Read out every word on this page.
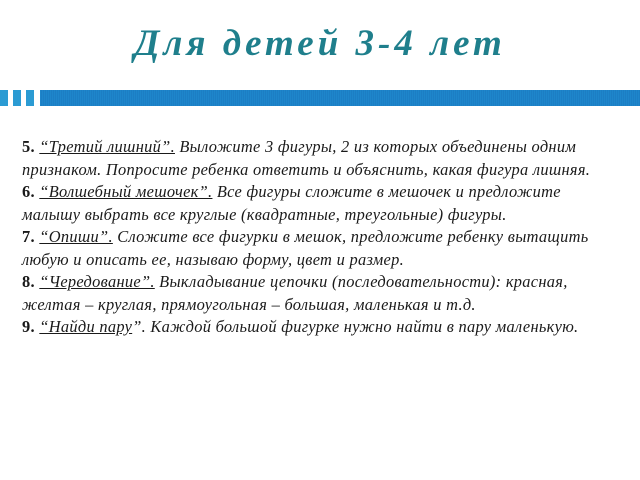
Для детей 3-4 лет

5. “Третий лишний”. Выложите 3 фигуры, 2 из которых объединены одним признаком. Попросите ребенка ответить и объяснить, какая фигура лишняя.

6. “Волшебный мешочек”. Все фигуры сложите в мешочек и предложите малышу выбрать все круглые (квадратные, треугольные) фигуры.

7. “Опиши”. Сложите все фигурки в мешок, предложите ребенку вытащить любую и описать ее, называю форму, цвет и размер.

8. “Чередование”. Выкладывание цепочки (последовательности): красная, желтая – круглая, прямоугольная – большая, маленькая и т.д.

9. “Найди пару”. Каждой большой фигурке нужно найти в пару маленькую.
